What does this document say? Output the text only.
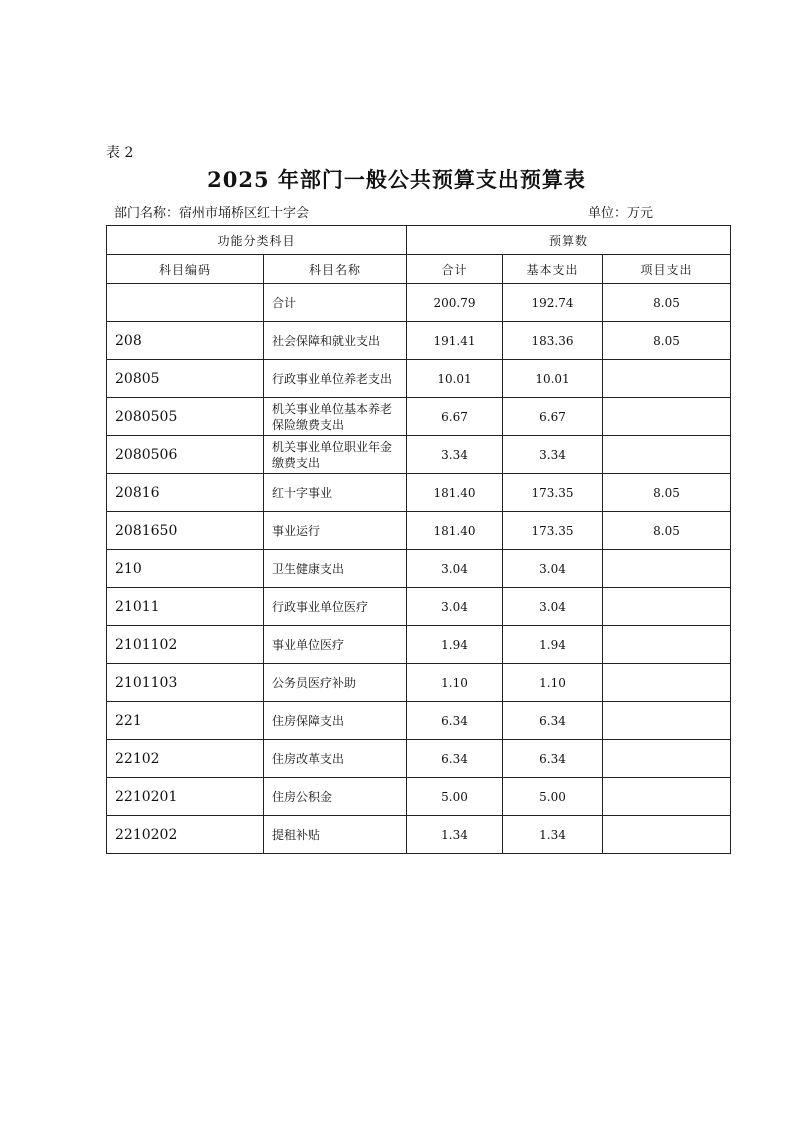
表 2
2025 年部门一般公共预算支出预算表
部门名称：宿州市埇桥区红十字会	单位：万元
功能分类科目		预算数		
科目编码	科目名称	合计	基本支出	项目支出
	合计	200.79	192.74	8.05
208	社会保障和就业支出	191.41	183.36	8.05
20805	行政事业单位养老支出	10.01	10.01	
2080505	机关事业单位基本养老保险缴费支出	6.67	6.67	
2080506	机关事业单位职业年金缴费支出	3.34	3.34	
20816	红十字事业	181.40	173.35	8.05
2081650	事业运行	181.40	173.35	8.05
210	卫生健康支出	3.04	3.04	
21011	行政事业单位医疗	3.04	3.04	
2101102	事业单位医疗	1.94	1.94	
2101103	公务员医疗补助	1.10	1.10	
221	住房保障支出	6.34	6.34	
22102	住房改革支出	6.34	6.34	
2210201	住房公积金	5.00	5.00	
2210202	提租补贴	1.34	1.34	
